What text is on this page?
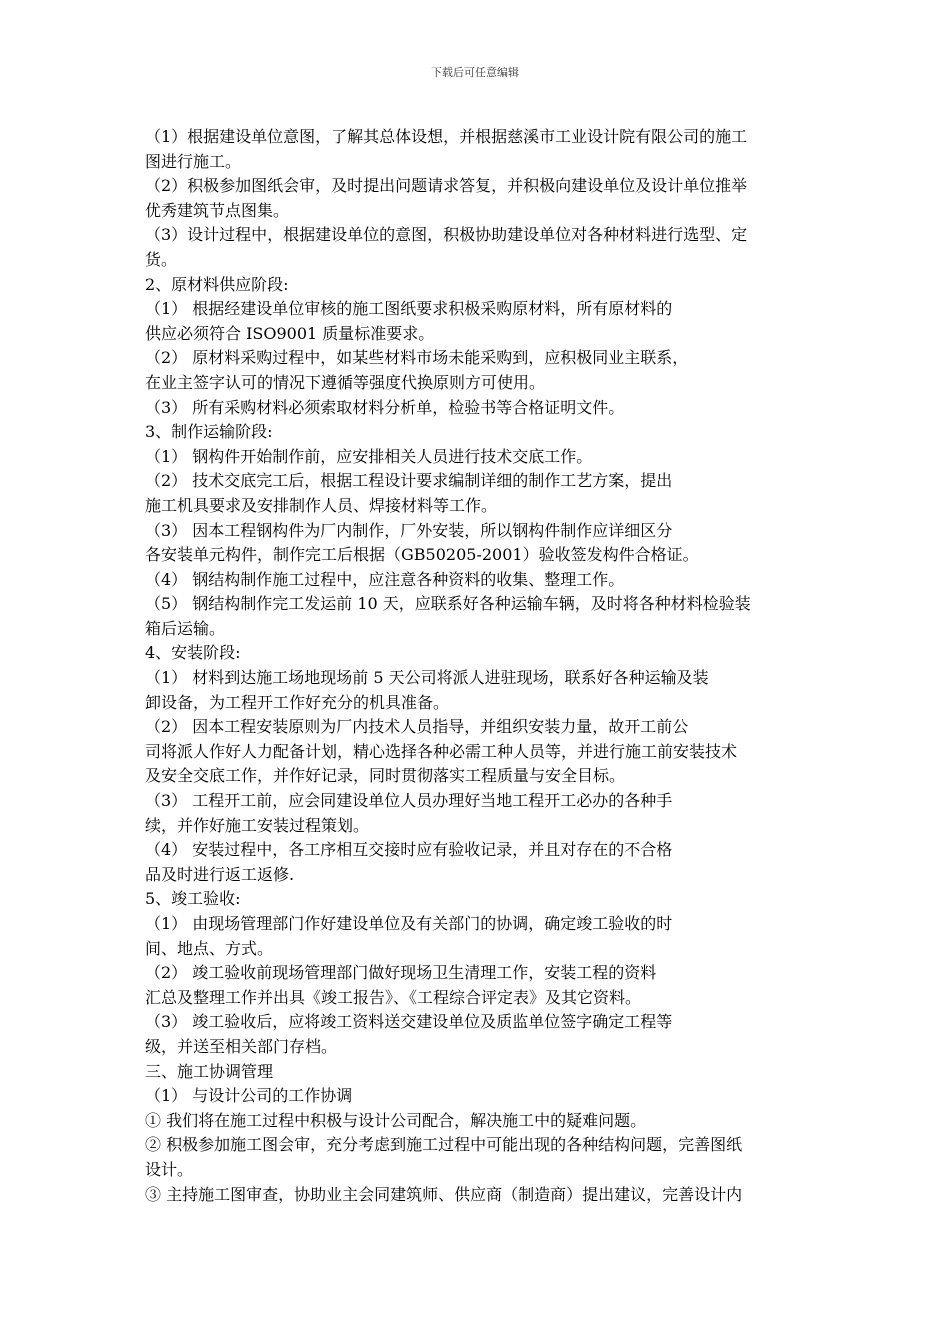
下载后可任意编辑
（1）根据建设单位意图，了解其总体设想，并根据慈溪市工业设计院有限公司的施工
图进行施工。
（2）积极参加图纸会审，及时提出问题请求答复，并积极向建设单位及设计单位推举
优秀建筑节点图集。
（3）设计过程中，根据建设单位的意图，积极协助建设单位对各种材料进行选型、定
货。
2、原材料供应阶段:
（1） 根据经建设单位审核的施工图纸要求积极采购原材料，所有原材料的
供应必须符合 ISO9001 质量标准要求。
（2） 原材料采购过程中，如某些材料市场未能采购到，应积极同业主联系，
在业主签字认可的情况下遵循等强度代换原则方可使用。
（3） 所有采购材料必须索取材料分析单，检验书等合格证明文件。
3、制作运输阶段:
（1） 钢构件开始制作前，应安排相关人员进行技术交底工作。
（2） 技术交底完工后，根据工程设计要求编制详细的制作工艺方案，提出
施工机具要求及安排制作人员、焊接材料等工作。
（3） 因本工程钢构件为厂内制作，厂外安装，所以钢构件制作应详细区分
各安装单元构件，制作完工后根据（GB50205-2001）验收签发构件合格证。
（4） 钢结构制作施工过程中，应注意各种资料的收集、整理工作。
（5） 钢结构制作完工发运前 10 天，应联系好各种运输车辆，及时将各种材料检验装
箱后运输。
4、安装阶段:
（1） 材料到达施工场地现场前 5 天公司将派人进驻现场，联系好各种运输及装
卸设备，为工程开工作好充分的机具准备。
（2） 因本工程安装原则为厂内技术人员指导，并组织安装力量，故开工前公
司将派人作好人力配备计划，精心选择各种必需工种人员等，并进行施工前安装技术
及安全交底工作，并作好记录，同时贯彻落实工程质量与安全目标。
（3） 工程开工前，应会同建设单位人员办理好当地工程开工必办的各种手
续，并作好施工安装过程策划。
（4） 安装过程中，各工序相互交接时应有验收记录，并且对存在的不合格
品及时进行返工返修.
5、竣工验收:
（1） 由现场管理部门作好建设单位及有关部门的协调，确定竣工验收的时
间、地点、方式。
（2） 竣工验收前现场管理部门做好现场卫生清理工作，安装工程的资料
汇总及整理工作并出具《竣工报告》、《工程综合评定表》及其它资料。
（3） 竣工验收后，应将竣工资料送交建设单位及质监单位签字确定工程等
级，并送至相关部门存档。
三、施工协调管理
（1） 与设计公司的工作协调
① 我们将在施工过程中积极与设计公司配合，解决施工中的疑难问题。
② 积极参加施工图会审，充分考虑到施工过程中可能出现的各种结构问题，完善图纸
设计。
③ 主持施工图审查，协助业主会同建筑师、供应商（制造商）提出建议，完善设计内
